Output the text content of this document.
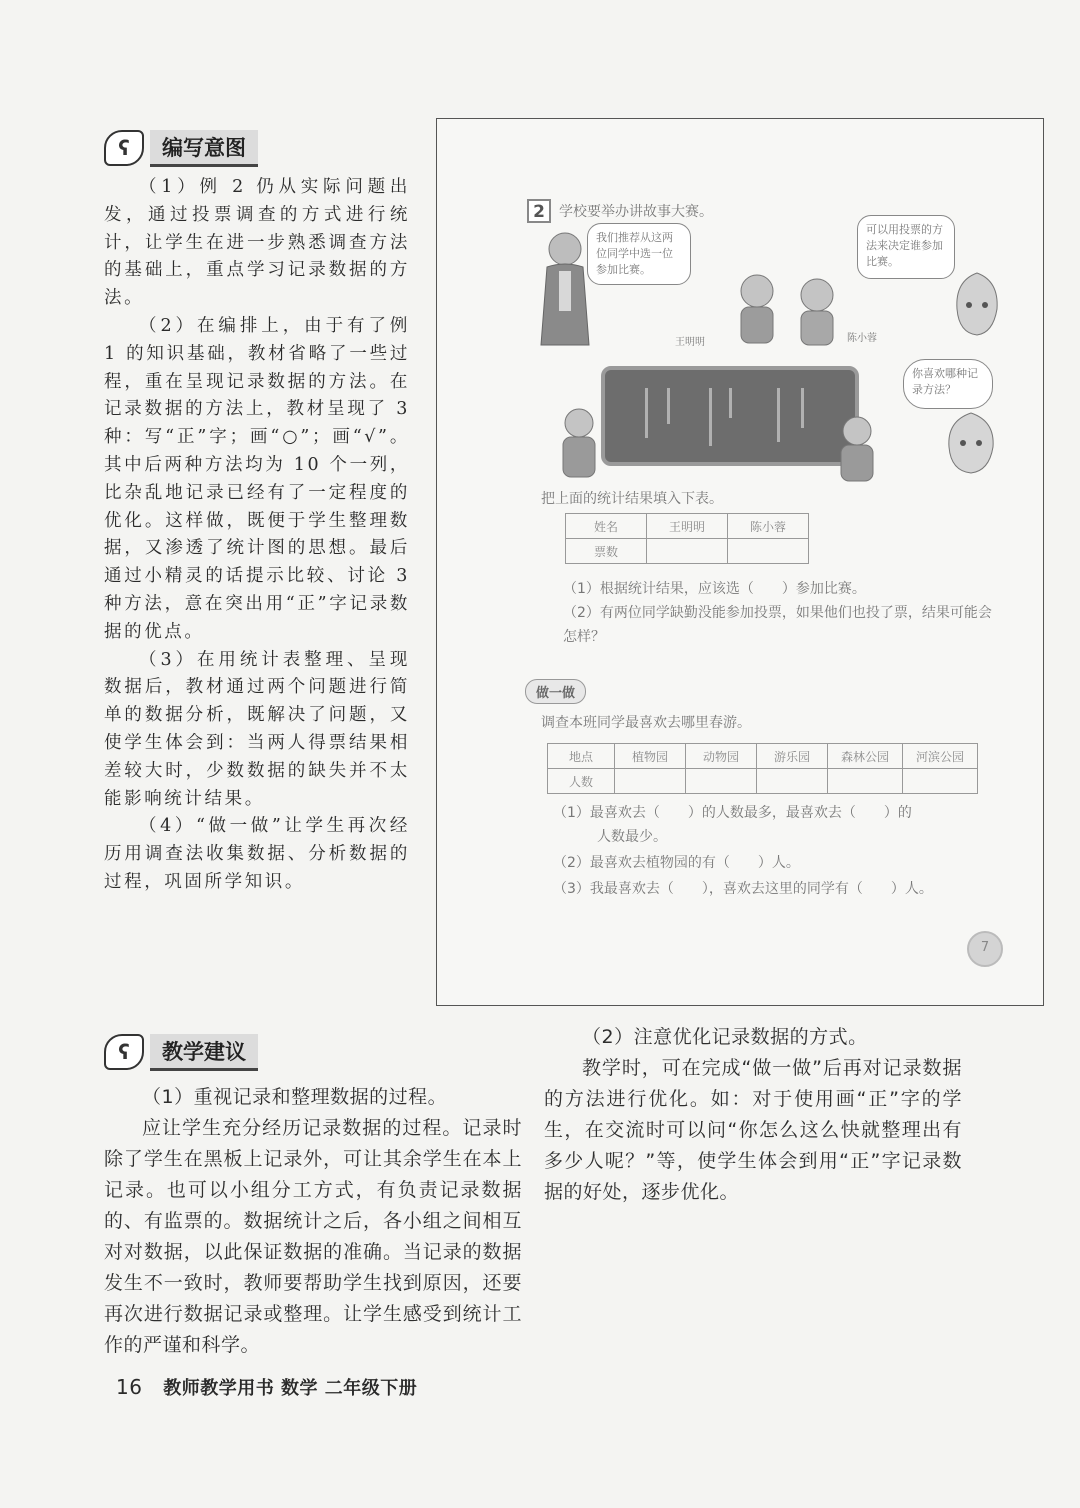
ʕ	编写意图

（1）例 2 仍从实际问题出发，通过投票调查的方式进行统计，让学生在进一步熟悉调查方法的基础上，重点学习记录数据的方法。

（2）在编排上，由于有了例 1 的知识基础，教材省略了一些过程，重在呈现记录数据的方法。在记录数据的方法上，教材呈现了 3 种：写“正”字；画“○”；画“√”。其中后两种方法均为 10 个一列，比杂乱地记录已经有了一定程度的优化。这样做，既便于学生整理数据，又渗透了统计图的思想。最后通过小精灵的话提示比较、讨论 3 种方法，意在突出用“正”字记录数据的优点。

（3）在用统计表整理、呈现数据后，教材通过两个问题进行简单的数据分析，既解决了问题，又使学生体会到：当两人得票结果相差较大时，少数数据的缺失并不太能影响统计结果。

（4）“做一做”让学生再次经历用调查法收集数据、分析数据的过程，巩固所学知识。

2	学校要举办讲故事大赛。
我们推荐从这两位同学中选一位参加比赛。
王明明	陈小蓉
可以用投票的方法来决定谁参加比赛。
你喜欢哪种记录方法？
把上面的统计结果填入下表。
姓名	王明明	陈小蓉
票数		
（1）根据统计结果，应该选（　　）参加比赛。
（2）有两位同学缺勤没能参加投票，如果他们也投了票，结果可能会怎样？
做一做
调查本班同学最喜欢去哪里春游。
地点	植物园	动物园	游乐园	森林公园	河滨公园
人数					
（1）最喜欢去（　　）的人数最多，最喜欢去（　　）的
人数最少。
（2）最喜欢去植物园的有（　　）人。
（3）我最喜欢去（　　），喜欢去这里的同学有（　　）人。
7
ʕ	教学建议

（1）重视记录和整理数据的过程。

应让学生充分经历记录数据的过程。记录时除了学生在黑板上记录外，可让其余学生在本上记录。也可以小组分工方式，有负责记录数据的、有监票的。数据统计之后，各小组之间相互对对数据，以此保证数据的准确。当记录的数据发生不一致时，教师要帮助学生找到原因，还要再次进行数据记录或整理。让学生感受到统计工作的严谨和科学。

（2）注意优化记录数据的方式。

教学时，可在完成“做一做”后再对记录数据的方法进行优化。如：对于使用画“正”字的学生，在交流时可以问“你怎么这么快就整理出有多少人呢？”等，使学生体会到用“正”字记录数据的好处，逐步优化。

16 教师教学用书 数学 二年级下册
